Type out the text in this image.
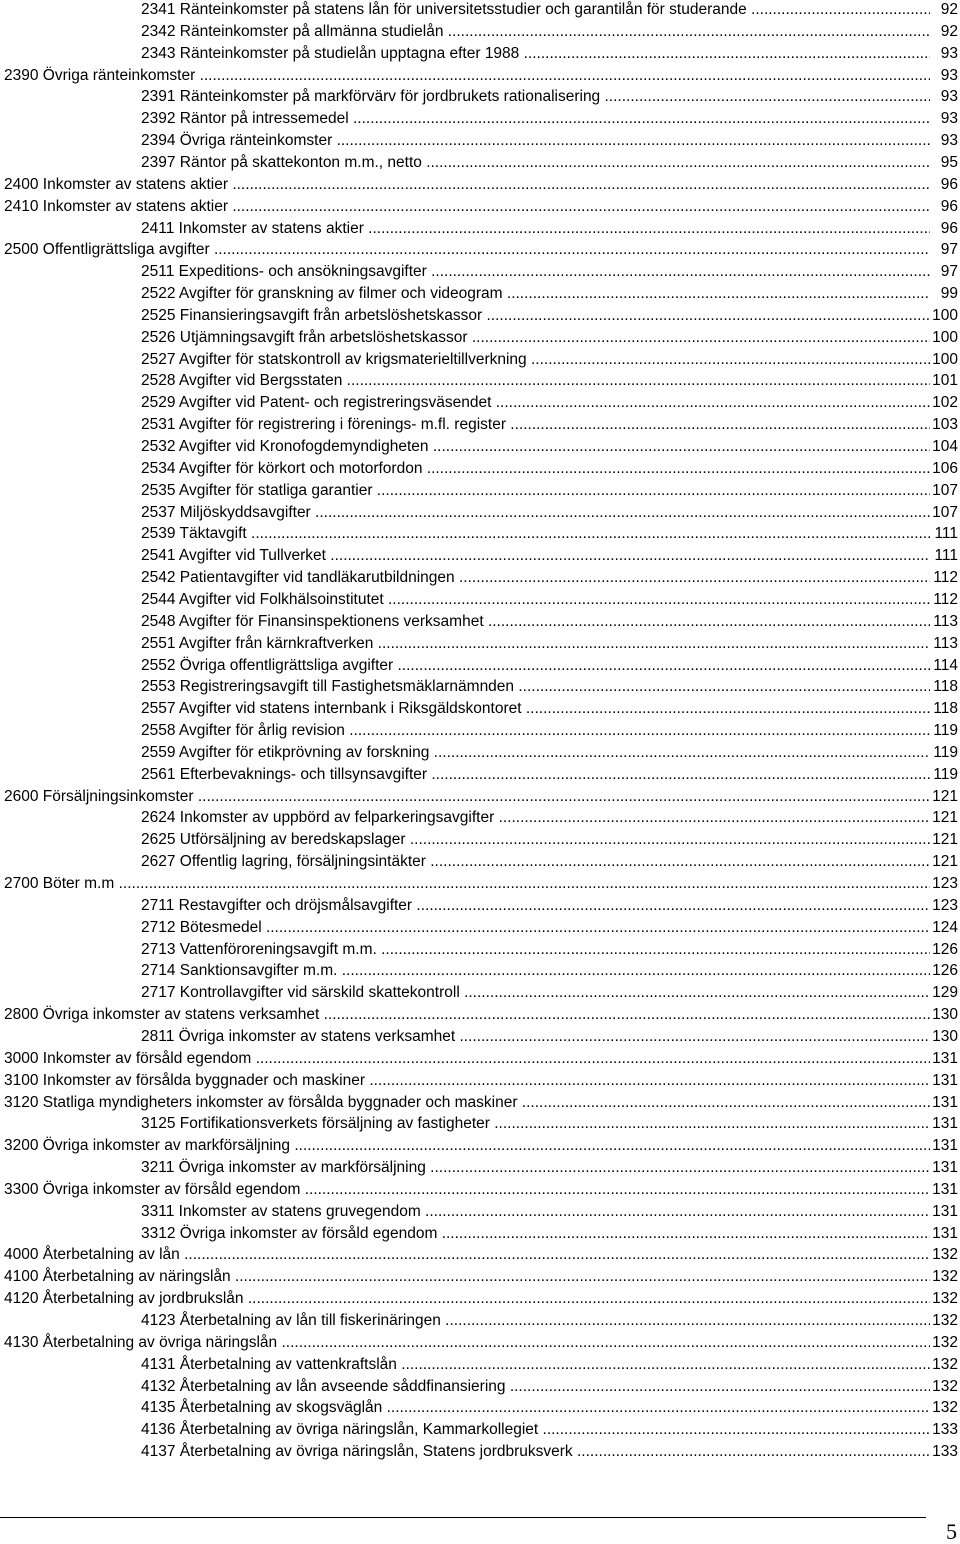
2341 Ränteinkomster på statens lån för universitetsstudier och garantilån för studerande .....	92
2342 Ränteinkomster på allmänna studielån .....	92
2343 Ränteinkomster på studielån upptagna efter 1988 .....	93
2390 Övriga ränteinkomster .....	93
2391 Ränteinkomster på markförvärv för jordbrukets rationalisering .....	93
2392 Räntor på intressemedel .....	93
2394 Övriga ränteinkomster .....	93
2397 Räntor på skattekonton m.m., netto .....	95
2400 Inkomster av statens aktier .....	96
2410 Inkomster av statens aktier .....	96
2411 Inkomster av statens aktier .....	96
2500 Offentligrättsliga avgifter .....	97
2511 Expeditions- och ansökningsavgifter .....	97
2522 Avgifter för granskning av filmer och videogram .....	99
2525 Finansieringsavgift från arbetslöshetskassor .....	100
2526 Utjämningsavgift från arbetslöshetskassor .....	100
2527 Avgifter för statskontroll av krigsmaterieltillverkning .....	100
2528 Avgifter vid Bergsstaten .....	101
2529 Avgifter vid Patent- och registreringsväsendet .....	102
2531 Avgifter för registrering i förenings- m.fl. register .....	103
2532 Avgifter vid Kronofogdemyndigheten .....	104
2534 Avgifter för körkort och motorfordon .....	106
2535 Avgifter för statliga garantier .....	107
2537 Miljöskyddsavgifter .....	107
2539 Täktavgift .....	111
2541 Avgifter vid Tullverket .....	111
2542 Patientavgifter vid tandläkarutbildningen .....	112
2544 Avgifter vid Folkhälsoinstitutet .....	112
2548 Avgifter för Finansinspektionens verksamhet .....	113
2551 Avgifter från kärnkraftverken .....	113
2552 Övriga offentligrättsliga avgifter .....	114
2553 Registreringsavgift till Fastighetsmäklarnämnden .....	118
2557 Avgifter vid statens internbank i Riksgäldskontoret .....	118
2558 Avgifter för årlig revision .....	119
2559 Avgifter för etikprövning av forskning .....	119
2561 Efterbevaknings- och tillsynsavgifter .....	119
2600 Försäljningsinkomster .....	121
2624 Inkomster av uppbörd av felparkeringsavgifter .....	121
2625 Utförsäljning av beredskapslager .....	121
2627 Offentlig lagring, försäljningsintäkter .....	121
2700 Böter m.m .....	123
2711 Restavgifter och dröjsmålsavgifter .....	123
2712 Bötesmedel .....	124
2713 Vattenföroreningsavgift m.m. .....	126
2714 Sanktionsavgifter m.m. .....	126
2717 Kontrollavgifter vid särskild skattekontroll .....	129
2800 Övriga inkomster av statens verksamhet .....	130
2811 Övriga inkomster av statens verksamhet .....	130
3000 Inkomster av försåld egendom .....	131
3100 Inkomster av försålda byggnader och maskiner .....	131
3120 Statliga myndigheters inkomster av försålda byggnader och maskiner .....	131
3125 Fortifikationsverkets försäljning av fastigheter .....	131
3200 Övriga inkomster av markförsäljning .....	131
3211 Övriga inkomster av markförsäljning .....	131
3300 Övriga inkomster av försåld egendom .....	131
3311 Inkomster av statens gruvegendom .....	131
3312 Övriga inkomster av försåld egendom .....	131
4000 Återbetalning av lån .....	132
4100 Återbetalning av näringslån .....	132
4120 Återbetalning av jordbrukslån .....	132
4123 Återbetalning av lån till fiskerinäringen .....	132
4130 Återbetalning av övriga näringslån .....	132
4131 Återbetalning av vattenkraftslån .....	132
4132 Återbetalning av lån avseende såddfinansiering .....	132
4135 Återbetalning av skogsväglån .....	132
4136 Återbetalning av övriga näringslån, Kammarkollegiet .....	133
4137 Återbetalning av övriga näringslån, Statens jordbruksverk .....	133
5
